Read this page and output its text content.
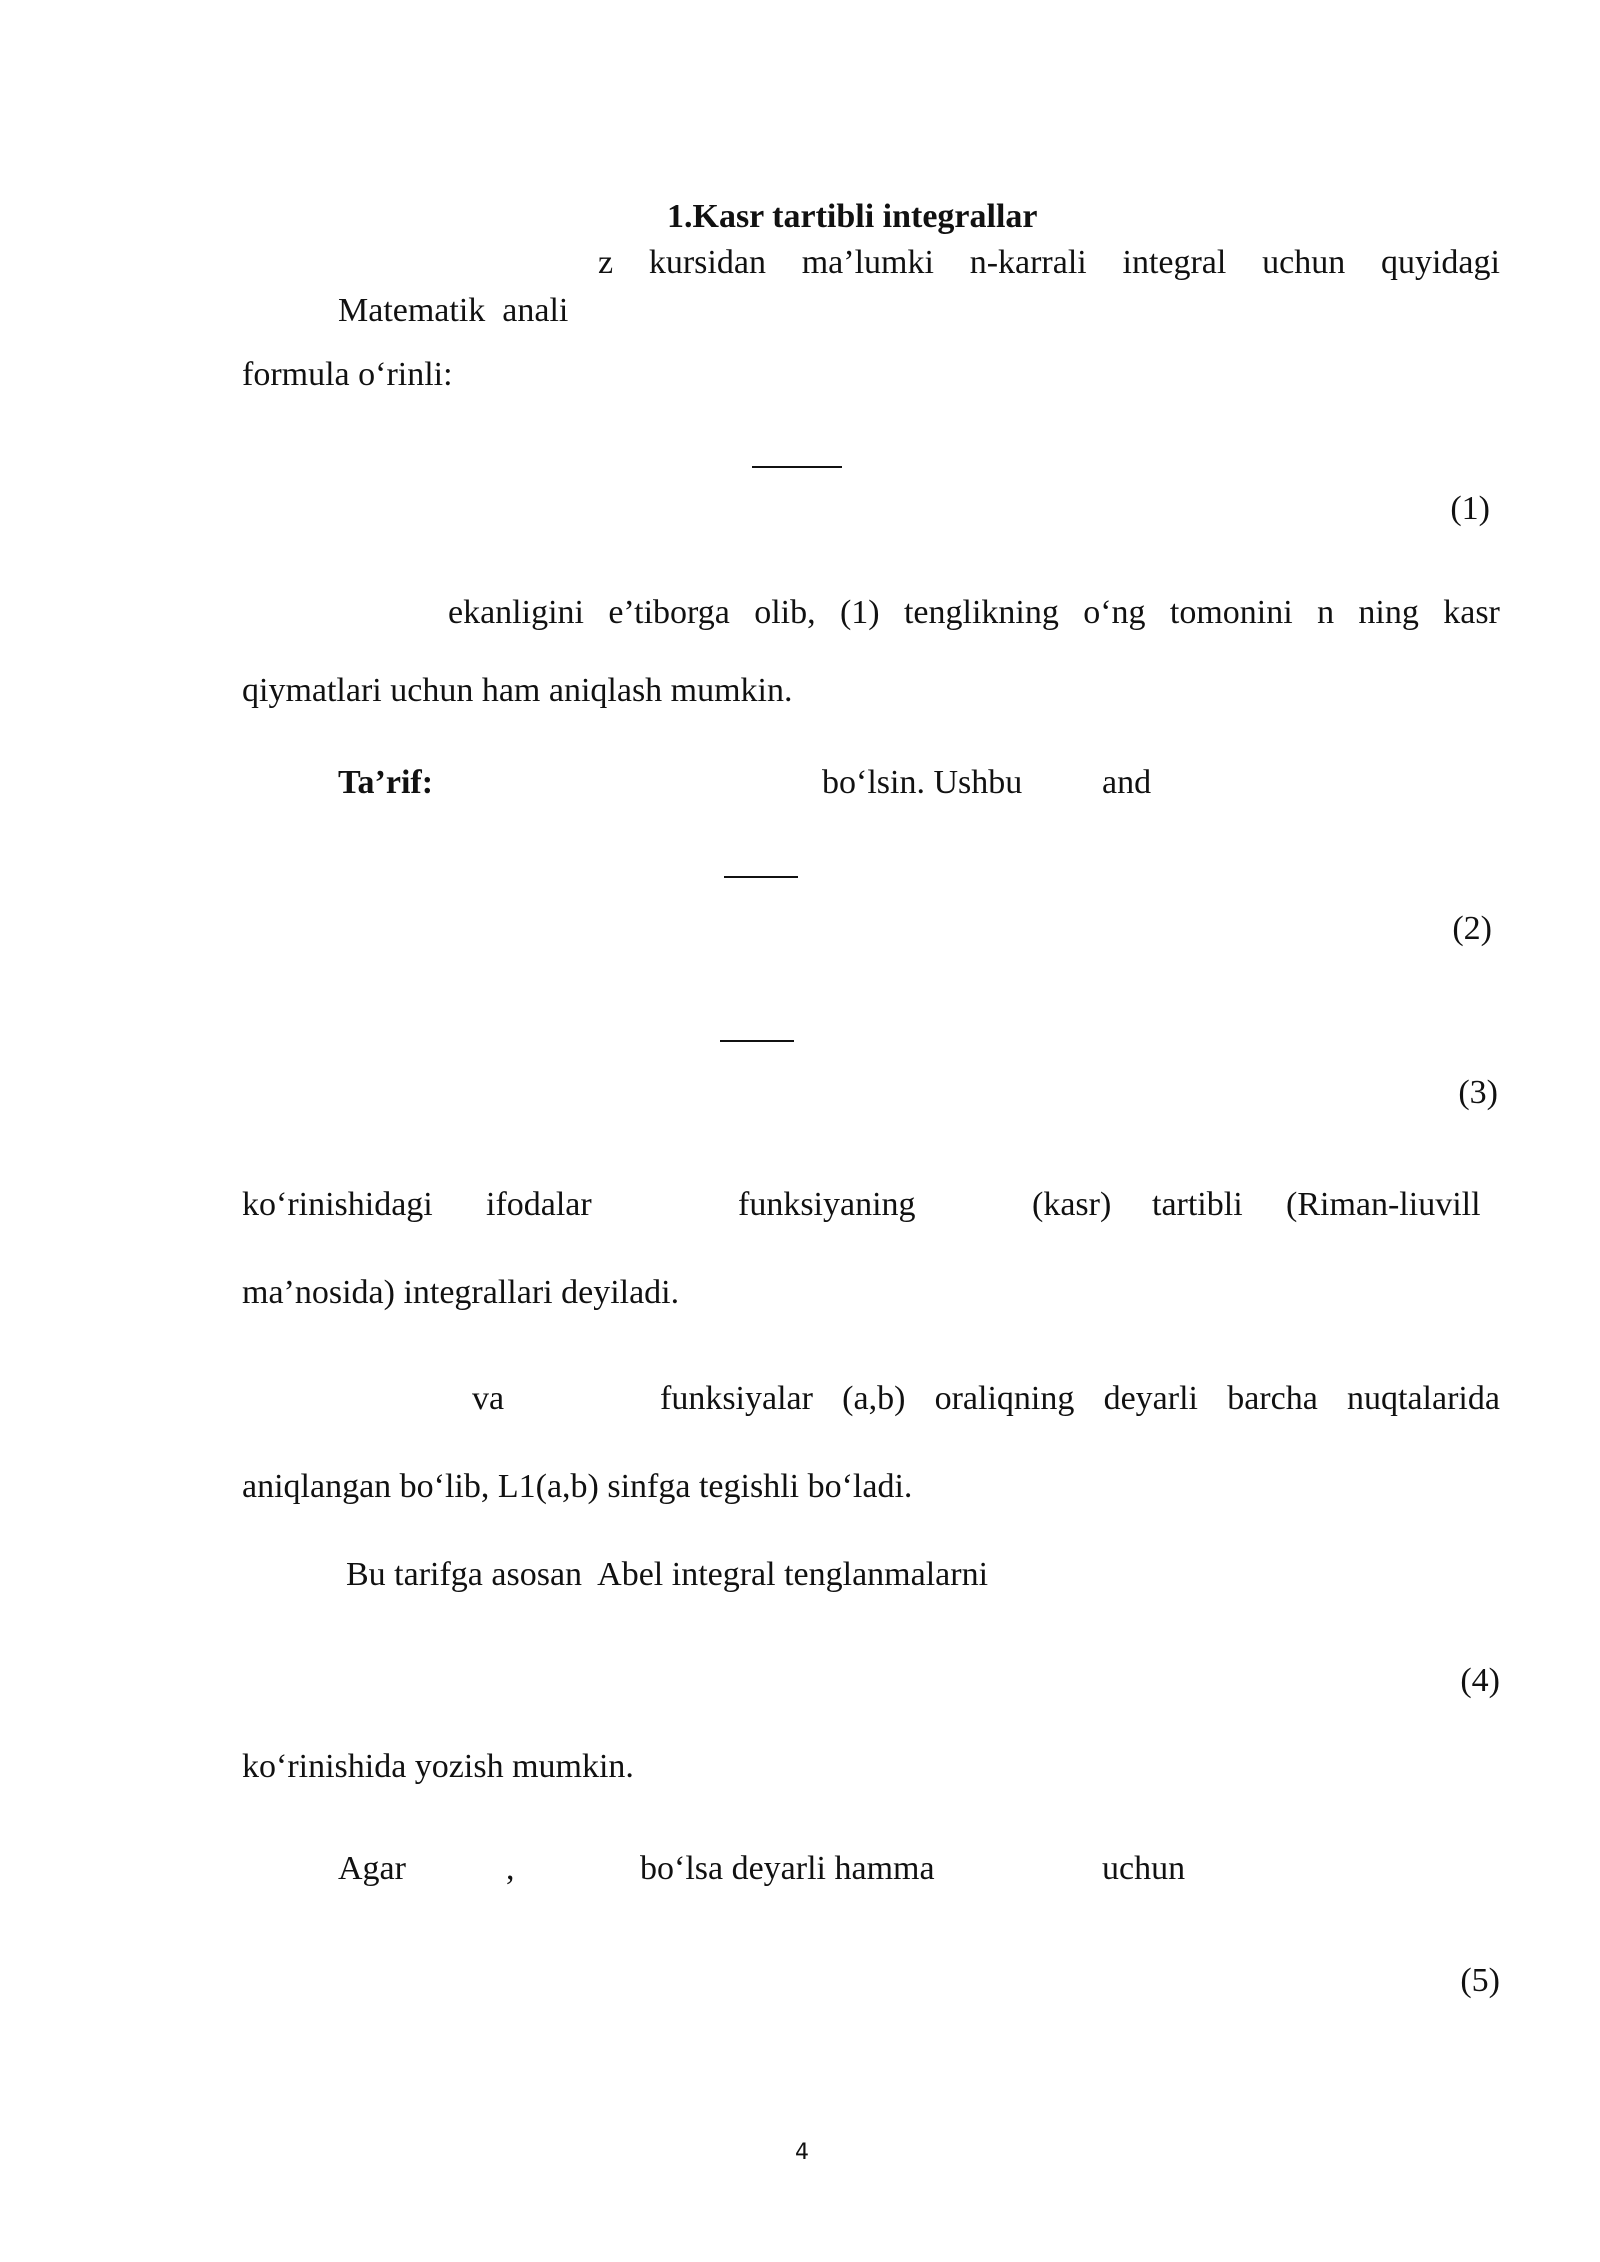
1.Kasr tartibli integrallar
z kursidan ma’lumki n-karrali integral uchun quyidagi
Matematik  anali
formula o‘rinli:
(1)
ekanligini e’tiborga olib, (1) tenglikning o‘ng tomonini n ning kasr
qiymatlari uchun ham aniqlash mumkin.
Ta’rif:	boʻlsin. Ushbu and
(2)
(3)
ko‘rinishidagi ifodalar	funksiyaning	(kasr) tartibli (Riman-liuvill
ma’nosida) integrallari deyiladi.
va	funksiyalar (a,b) oraliqning deyarli barcha nuqtalarida
aniqlangan bo‘lib, L1(a,b) sinfga tegishli bo‘ladi.
Bu tarifga asosan  Abel integral tenglanmalarni
(4)
ko‘rinishida yozish mumkin.
Agar	,	bo‘lsa deyarli hamma	uchun
(5)
4
